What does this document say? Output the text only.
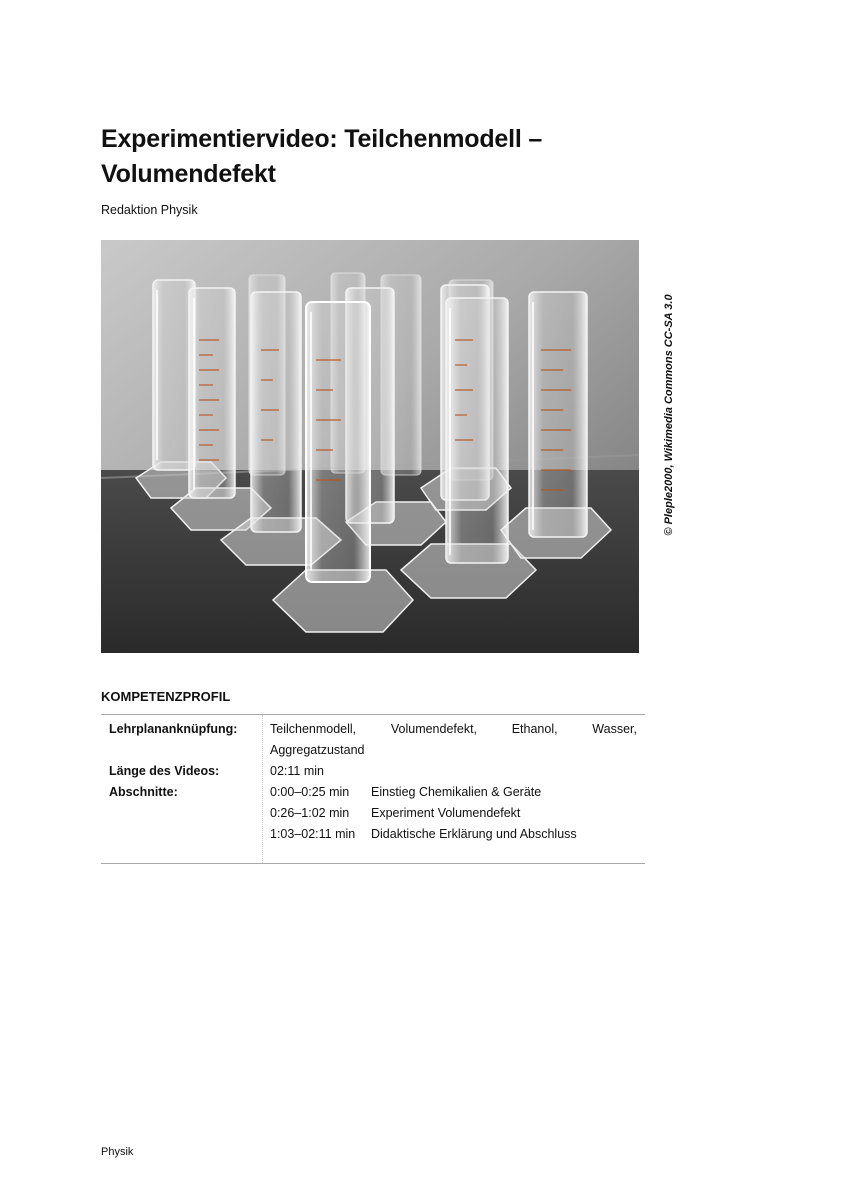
Experimentiervideo: Teilchenmodell –
Volumendefekt
Redaktion Physik
© Pleple2000, Wikimedia Commons CC-SA 3.0
KOMPETENZPROFIL
Lehrplananknüpfung:	Teilchenmodell,	Volumendefekt,	Ethanol,	Wasser,
Aggregatzustand
Länge des Videos:	02:11 min
Abschnitte:	0:00–0:25 min Einstieg Chemikalien & Geräte
0:26–1:02 min Experiment Volumendefekt
1:03–02:11 min Didaktische Erklärung und Abschluss
Physik
